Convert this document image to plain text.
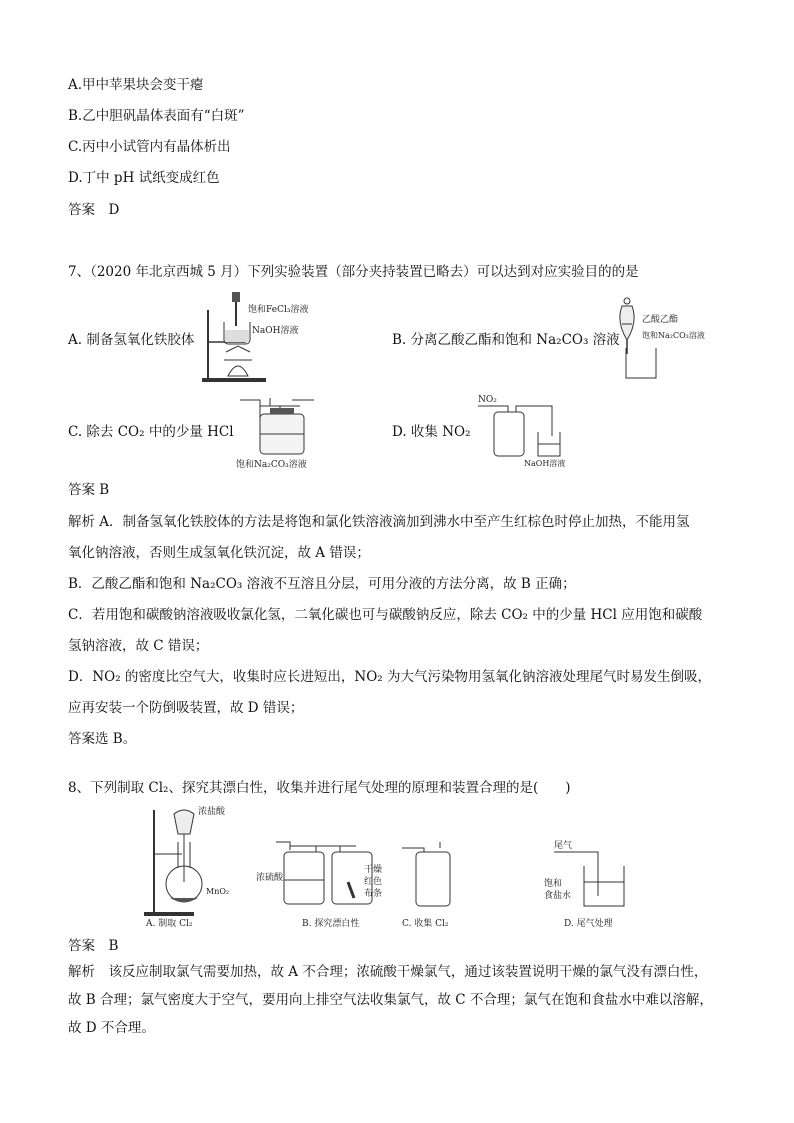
A.甲中苹果块会变干瘪
B.乙中胆矾晶体表面有“白斑”
C.丙中小试管内有晶体析出
D.丁中 pH 试纸变成红色
答案　D
7、（2020 年北京西城 5 月）下列实验装置（部分夹持装置已略去）可以达到对应实验目的的是
A. 制备氢氧化铁胶体
饱和FeCl₃溶液
NaOH溶液
B. 分离乙酸乙酯和饱和 Na₂CO₃ 溶液
乙酸乙酯
饱和Na₂CO₃溶液
C. 除去 CO₂ 中的少量 HCl
饱和Na₂CO₃溶液
D. 收集 NO₂
NO₂
NaOH溶液
答案 B
解析 A．制备氢氧化铁胶体的方法是将饱和氯化铁溶液滴加到沸水中至产生红棕色时停止加热，不能用氢
氧化钠溶液，否则生成氢氧化铁沉淀，故 A 错误；
B．乙酸乙酯和饱和 Na₂CO₃ 溶液不互溶且分层，可用分液的方法分离，故 B 正确；
C．若用饱和碳酸钠溶液吸收氯化氢，二氧化碳也可与碳酸钠反应，除去 CO₂ 中的少量 HCl 应用饱和碳酸
氢钠溶液，故 C 错误；
D．NO₂ 的密度比空气大，收集时应长进短出，NO₂ 为大气污染物用氢氧化钠溶液处理尾气时易发生倒吸，
应再安装一个防倒吸装置，故 D 错误；
答案选 B。
8、下列制取 Cl₂、探究其漂白性，收集并进行尾气处理的原理和装置合理的是(　　)
浓盐酸
MnO₂
A. 制取 Cl₂
浓硫酸
干燥
红色
布条
B. 探究漂白性	C. 收集 Cl₂
尾气
饱和
食盐水
D. 尾气处理
答案　B
解析　该反应制取氯气需要加热，故 A 不合理；浓硫酸干燥氯气，通过该装置说明干燥的氯气没有漂白性，
故 B 合理；氯气密度大于空气，要用向上排空气法收集氯气，故 C 不合理；氯气在饱和食盐水中难以溶解，
故 D 不合理。
